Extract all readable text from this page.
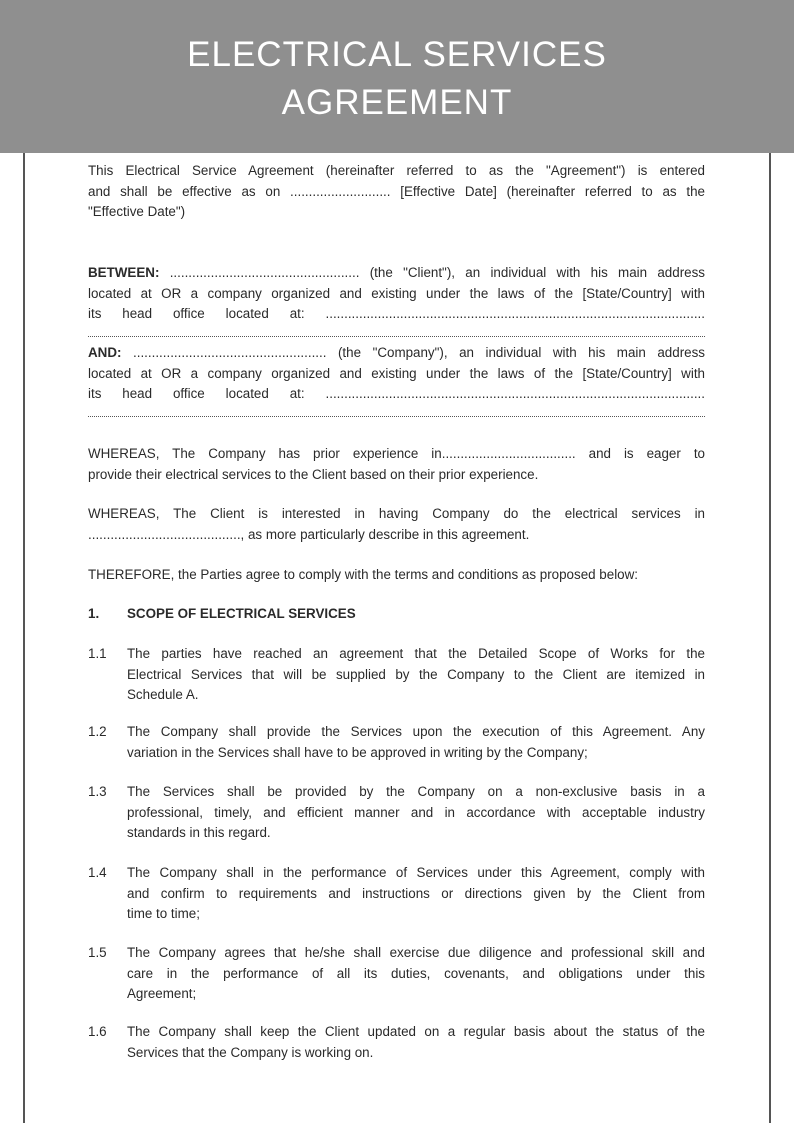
ELECTRICAL SERVICES
AGREEMENT
1. SCOPE OF ELECTRICAL SERVICES
This Electrical Service Agreement (hereinafter referred to as the "Agreement") is entered
and shall be effective as on ........................... [Effective Date] (hereinafter referred to as the
"Effective Date")
BETWEEN: ................................................... (the "Client"), an individual with his main address
located at OR a company organized and existing under the laws of the [State/Country] with
its head office located at: ......................................................................................................
AND: .................................................... (the "Company"), an individual with his main address
located at OR a company organized and existing under the laws of the [State/Country] with
its head office located at: ......................................................................................................
WHEREAS, The Company has prior experience in.................................... and is eager to
provide their electrical services to the Client based on their prior experience.
WHEREAS, The Client is interested in having Company do the electrical services in
........................................., as more particularly describe in this agreement.
THEREFORE, the Parties agree to comply with the terms and conditions as proposed below:
1.1 The parties have reached an agreement that the Detailed Scope of Works for the
Electrical Services that will be supplied by the Company to the Client are itemized in
Schedule A.
1.2 The Company shall provide the Services upon the execution of this Agreement. Any
variation in the Services shall have to be approved in writing by the Company;
1.3 The Services shall be provided by the Company on a non-exclusive basis in a
professional, timely, and efficient manner and in accordance with acceptable industry
standards in this regard.
1.4 The Company shall in the performance of Services under this Agreement, comply with
and confirm to requirements and instructions or directions given by the Client from
time to time;
1.5 The Company agrees that he/she shall exercise due diligence and professional skill and
care in the performance of all its duties, covenants, and obligations under this
Agreement;
1.6 The Company shall keep the Client updated on a regular basis about the status of the
Services that the Company is working on.
